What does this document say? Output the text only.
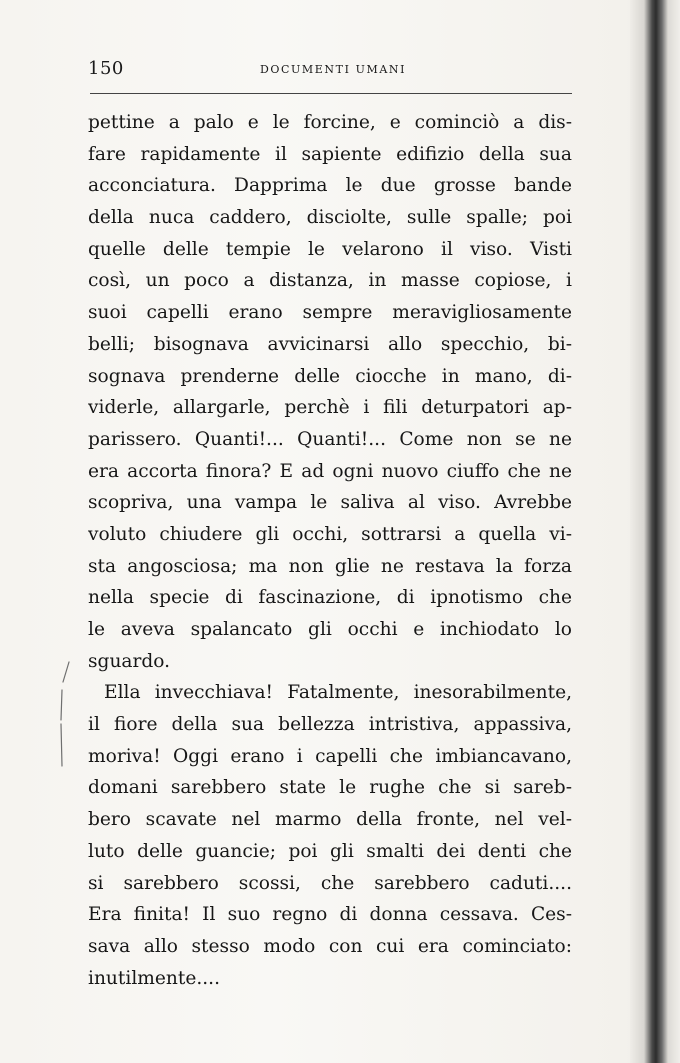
150	DOCUMENTI UMANI
pettine a palo e le forcine, e cominciò a dis-
fare rapidamente il sapiente edifizio della sua
acconciatura. Dapprima le due grosse bande
della nuca caddero, disciolte, sulle spalle; poi
quelle delle tempie le velarono il viso. Visti
così, un poco a distanza, in masse copiose, i
suoi capelli erano sempre meravigliosamente
belli; bisognava avvicinarsi allo specchio, bi-
sognava prenderne delle ciocche in mano, di-
viderle, allargarle, perchè i fili deturpatori ap-
parissero. Quanti!... Quanti!... Come non se ne
era accorta finora? E ad ogni nuovo ciuffo che ne
scopriva, una vampa le saliva al viso. Avrebbe
voluto chiudere gli occhi, sottrarsi a quella vi-
sta angosciosa; ma non glie ne restava la forza
nella specie di fascinazione, di ipnotismo che
le aveva spalancato gli occhi e inchiodato lo
sguardo.
Ella invecchiava! Fatalmente, inesorabilmente,
il fiore della sua bellezza intristiva, appassiva,
moriva! Oggi erano i capelli che imbiancavano,
domani sarebbero state le rughe che si sareb-
bero scavate nel marmo della fronte, nel vel-
luto delle guancie; poi gli smalti dei denti che
si sarebbero scossi, che sarebbero caduti....
Era finita! Il suo regno di donna cessava. Ces-
sava allo stesso modo con cui era cominciato:
inutilmente....
